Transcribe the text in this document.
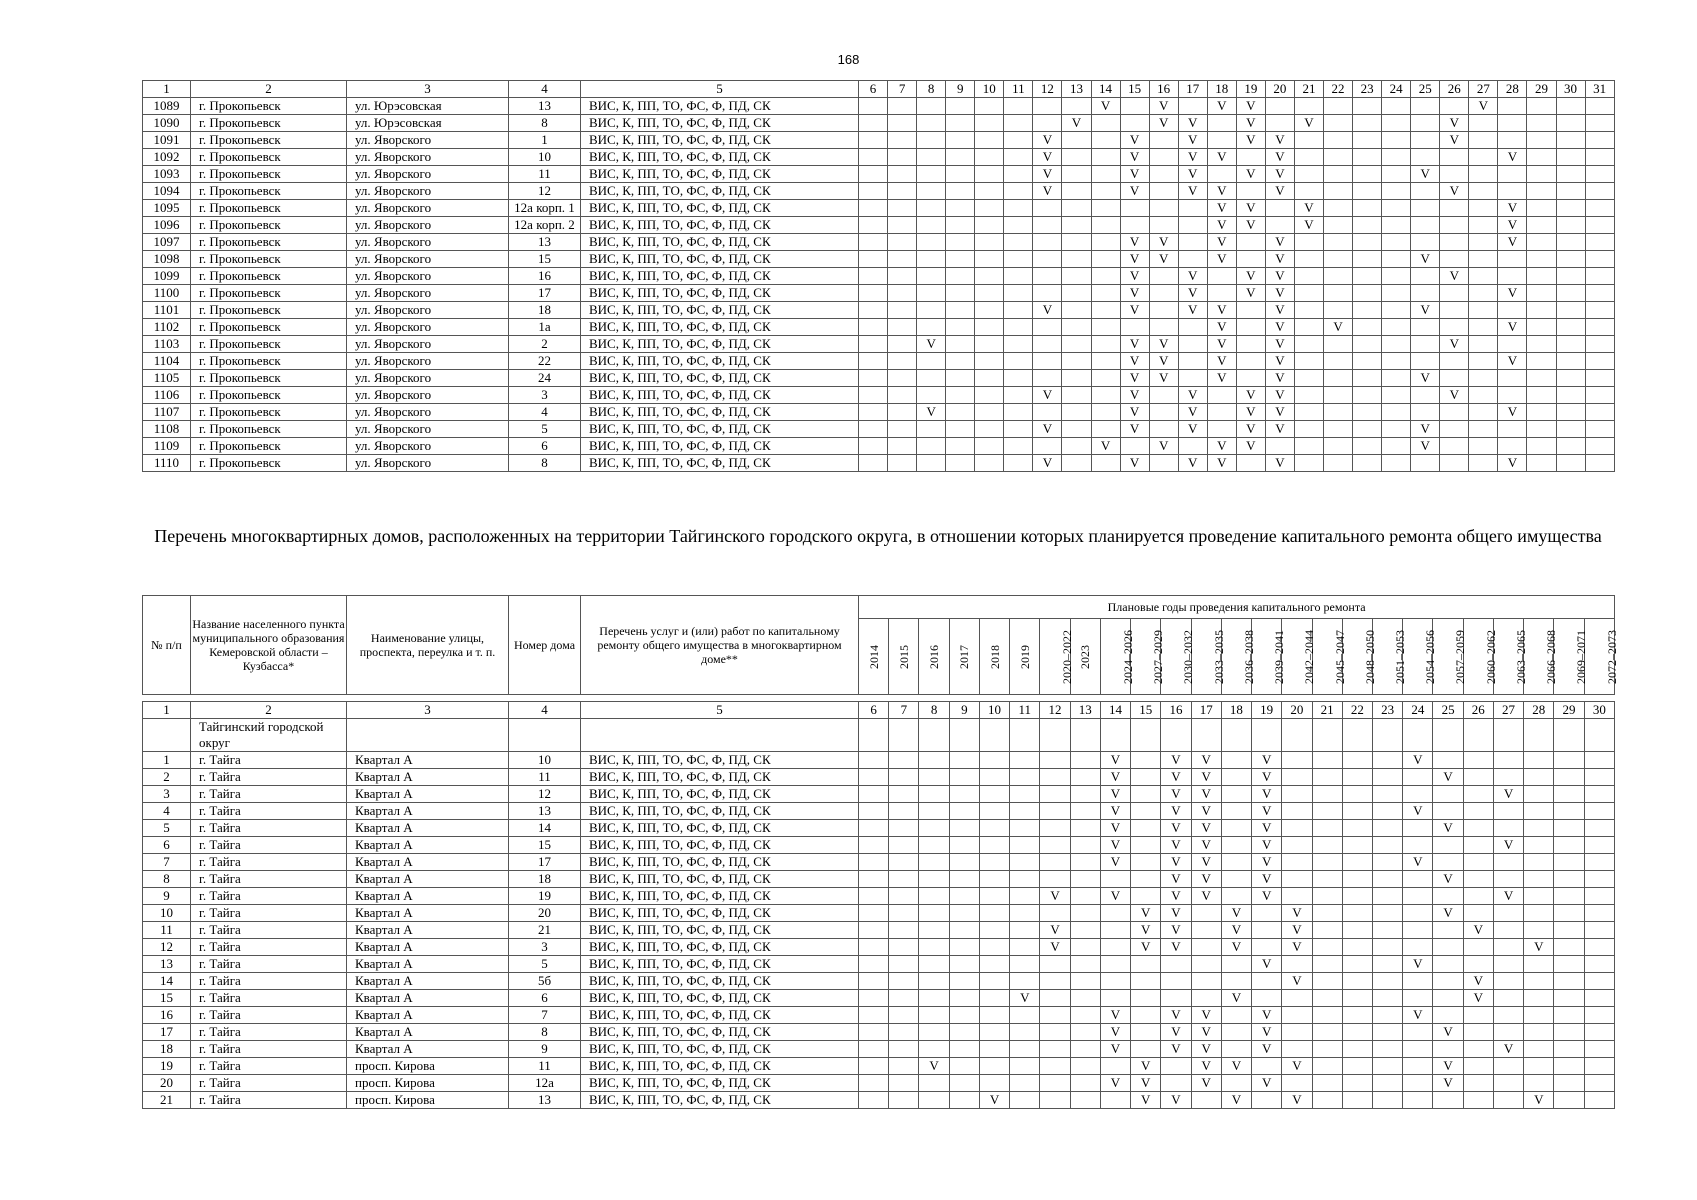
168
1	2	3	4	5	6	7	8	9	10	11	12	13	14	15	16	17	18	19	20	21	22	23	24	25	26	27	28	29	30	31
1089	г. Прокопьевск	ул. Юрэсовская	13	ВИС, К, ПП, ТО, ФС, Ф, ПД, СК									V		V		V	V								V				
1090	г. Прокопьевск	ул. Юрэсовская	8	ВИС, К, ПП, ТО, ФС, Ф, ПД, СК								V			V	V		V		V					V					
1091	г. Прокопьевск	ул. Яворского	1	ВИС, К, ПП, ТО, ФС, Ф, ПД, СК							V			V		V		V	V						V					
1092	г. Прокопьевск	ул. Яворского	10	ВИС, К, ПП, ТО, ФС, Ф, ПД, СК							V			V		V	V		V								V			
1093	г. Прокопьевск	ул. Яворского	11	ВИС, К, ПП, ТО, ФС, Ф, ПД, СК							V			V		V		V	V					V						
1094	г. Прокопьевск	ул. Яворского	12	ВИС, К, ПП, ТО, ФС, Ф, ПД, СК							V			V		V	V		V						V					
1095	г. Прокопьевск	ул. Яворского	12а корп. 1	ВИС, К, ПП, ТО, ФС, Ф, ПД, СК													V	V		V							V			
1096	г. Прокопьевск	ул. Яворского	12а корп. 2	ВИС, К, ПП, ТО, ФС, Ф, ПД, СК													V	V		V							V			
1097	г. Прокопьевск	ул. Яворского	13	ВИС, К, ПП, ТО, ФС, Ф, ПД, СК										V	V		V		V								V			
1098	г. Прокопьевск	ул. Яворского	15	ВИС, К, ПП, ТО, ФС, Ф, ПД, СК										V	V		V		V					V						
1099	г. Прокопьевск	ул. Яворского	16	ВИС, К, ПП, ТО, ФС, Ф, ПД, СК										V		V		V	V						V					
1100	г. Прокопьевск	ул. Яворского	17	ВИС, К, ПП, ТО, ФС, Ф, ПД, СК										V		V		V	V								V			
1101	г. Прокопьевск	ул. Яворского	18	ВИС, К, ПП, ТО, ФС, Ф, ПД, СК							V			V		V	V		V					V						
1102	г. Прокопьевск	ул. Яворского	1а	ВИС, К, ПП, ТО, ФС, Ф, ПД, СК													V		V		V						V			
1103	г. Прокопьевск	ул. Яворского	2	ВИС, К, ПП, ТО, ФС, Ф, ПД, СК			V							V	V		V		V						V					
1104	г. Прокопьевск	ул. Яворского	22	ВИС, К, ПП, ТО, ФС, Ф, ПД, СК										V	V		V		V								V			
1105	г. Прокопьевск	ул. Яворского	24	ВИС, К, ПП, ТО, ФС, Ф, ПД, СК										V	V		V		V					V						
1106	г. Прокопьевск	ул. Яворского	3	ВИС, К, ПП, ТО, ФС, Ф, ПД, СК							V			V		V		V	V						V					
1107	г. Прокопьевск	ул. Яворского	4	ВИС, К, ПП, ТО, ФС, Ф, ПД, СК			V							V		V		V	V								V			
1108	г. Прокопьевск	ул. Яворского	5	ВИС, К, ПП, ТО, ФС, Ф, ПД, СК							V			V		V		V	V					V						
1109	г. Прокопьевск	ул. Яворского	6	ВИС, К, ПП, ТО, ФС, Ф, ПД, СК									V		V		V	V						V						
1110	г. Прокопьевск	ул. Яворского	8	ВИС, К, ПП, ТО, ФС, Ф, ПД, СК							V			V		V	V		V								V			
Перечень многоквартирных домов, расположенных на территории Тайгинского городского округа, в отношении которых планируется проведение капитального ремонта общего имущества
№ п/п	Название населенного пункта муниципального образования Кемеровской области – Кузбасса*	Наименование улицы, проспекта, переулка и т. п.	Номер дома	Перечень услуг и (или) работ по капитальному ремонту общего имущества в многоквартирном доме**	Плановые годы проведения капитального ремонта																								
					2014	2015	2016	2017	2018	2019	2020–2022	2023	2024–2026	2027–2029	2030–2032	2033–2035	2036–2038	2039–2041	2042–2044	2045–2047	2048–2050	2051–2053	2054–2056	2057–2059	2060–2062	2063–2065	2066–2068	2069–2071	2072–2073

1	2	3	4	5	6	7	8	9	10	11	12	13	14	15	16	17	18	19	20	21	22	23	24	25	26	27	28	29	30
	Тайгинский городской округ																												
1	г. Тайга	Квартал А	10	ВИС, К, ПП, ТО, ФС, Ф, ПД, СК									V		V	V		V					V						
2	г. Тайга	Квартал А	11	ВИС, К, ПП, ТО, ФС, Ф, ПД, СК									V		V	V		V						V					
3	г. Тайга	Квартал А	12	ВИС, К, ПП, ТО, ФС, Ф, ПД, СК									V		V	V		V								V			
4	г. Тайга	Квартал А	13	ВИС, К, ПП, ТО, ФС, Ф, ПД, СК									V		V	V		V					V						
5	г. Тайга	Квартал А	14	ВИС, К, ПП, ТО, ФС, Ф, ПД, СК									V		V	V		V						V					
6	г. Тайга	Квартал А	15	ВИС, К, ПП, ТО, ФС, Ф, ПД, СК									V		V	V		V								V			
7	г. Тайга	Квартал А	17	ВИС, К, ПП, ТО, ФС, Ф, ПД, СК									V		V	V		V					V						
8	г. Тайга	Квартал А	18	ВИС, К, ПП, ТО, ФС, Ф, ПД, СК											V	V		V						V					
9	г. Тайга	Квартал А	19	ВИС, К, ПП, ТО, ФС, Ф, ПД, СК							V		V		V	V		V								V			
10	г. Тайга	Квартал А	20	ВИС, К, ПП, ТО, ФС, Ф, ПД, СК										V	V		V		V					V					
11	г. Тайга	Квартал А	21	ВИС, К, ПП, ТО, ФС, Ф, ПД, СК							V			V	V		V		V						V				
12	г. Тайга	Квартал А	3	ВИС, К, ПП, ТО, ФС, Ф, ПД, СК							V			V	V		V		V								V		
13	г. Тайга	Квартал А	5	ВИС, К, ПП, ТО, ФС, Ф, ПД, СК														V					V						
14	г. Тайга	Квартал А	5б	ВИС, К, ПП, ТО, ФС, Ф, ПД, СК															V						V				
15	г. Тайга	Квартал А	6	ВИС, К, ПП, ТО, ФС, Ф, ПД, СК						V							V								V				
16	г. Тайга	Квартал А	7	ВИС, К, ПП, ТО, ФС, Ф, ПД, СК									V		V	V		V					V						
17	г. Тайга	Квартал А	8	ВИС, К, ПП, ТО, ФС, Ф, ПД, СК									V		V	V		V						V					
18	г. Тайга	Квартал А	9	ВИС, К, ПП, ТО, ФС, Ф, ПД, СК									V		V	V		V								V			
19	г. Тайга	просп. Кирова	11	ВИС, К, ПП, ТО, ФС, Ф, ПД, СК			V							V		V	V		V					V					
20	г. Тайга	просп. Кирова	12а	ВИС, К, ПП, ТО, ФС, Ф, ПД, СК									V	V		V		V						V					
21	г. Тайга	просп. Кирова	13	ВИС, К, ПП, ТО, ФС, Ф, ПД, СК					V					V	V		V		V								V		
